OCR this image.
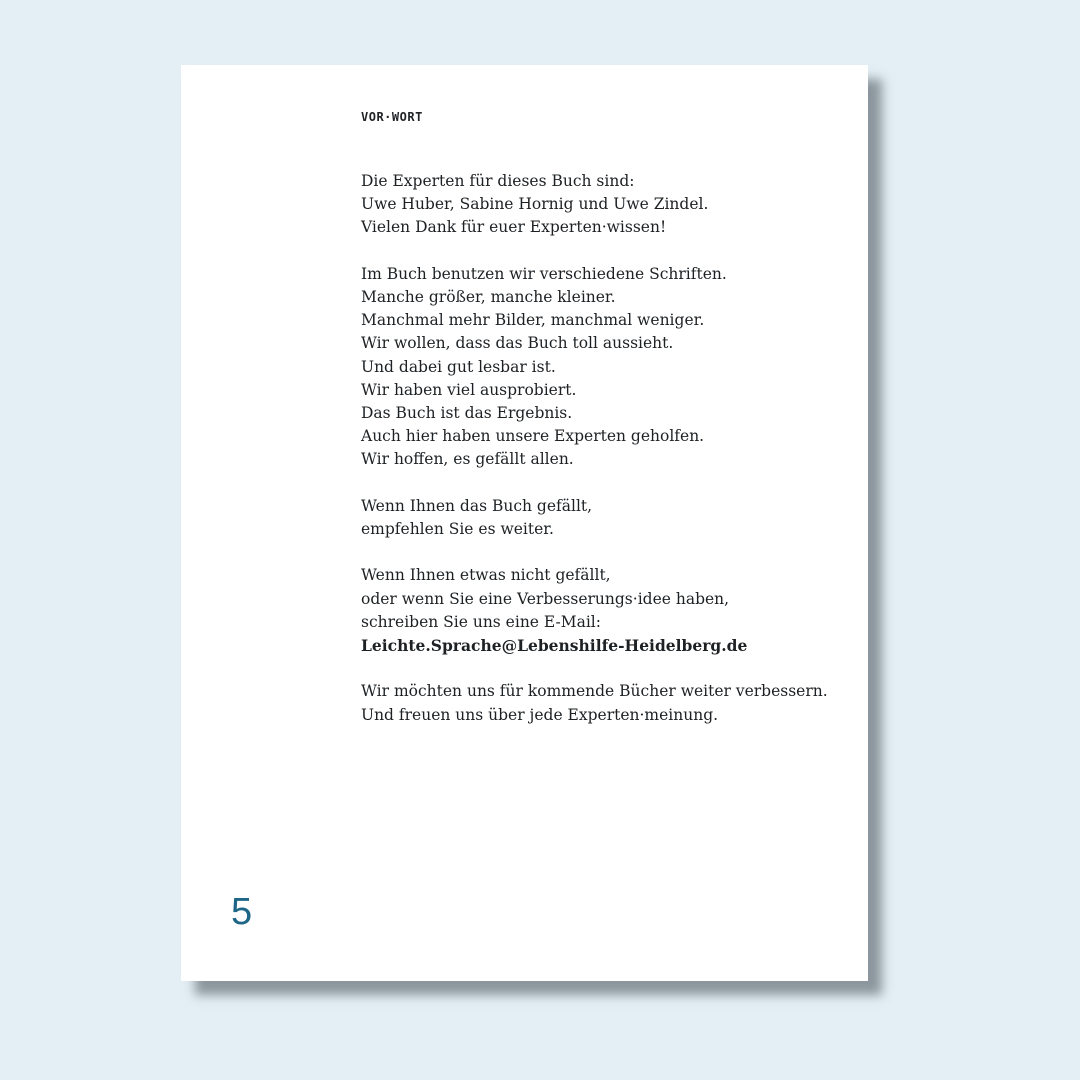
VOR·WORT
Die Experten für dieses Buch sind:
Uwe Huber, Sabine Hornig und Uwe Zindel.
Vielen Dank für euer Experten·wissen!
Im Buch benutzen wir verschiedene Schriften.
Manche größer, manche kleiner.
Manchmal mehr Bilder, manchmal weniger.
Wir wollen, dass das Buch toll aussieht.
Und dabei gut lesbar ist.
Wir haben viel ausprobiert.
Das Buch ist das Ergebnis.
Auch hier haben unsere Experten geholfen.
Wir hoffen, es gefällt allen.
Wenn Ihnen das Buch gefällt,
empfehlen Sie es weiter.
Wenn Ihnen etwas nicht gefällt,
oder wenn Sie eine Verbesserungs·idee haben,
schreiben Sie uns eine E-Mail:
Leichte.Sprache@Lebenshilfe-Heidelberg.de
Wir möchten uns für kommende Bücher weiter verbessern.
Und freuen uns über jede Experten·meinung.
5
